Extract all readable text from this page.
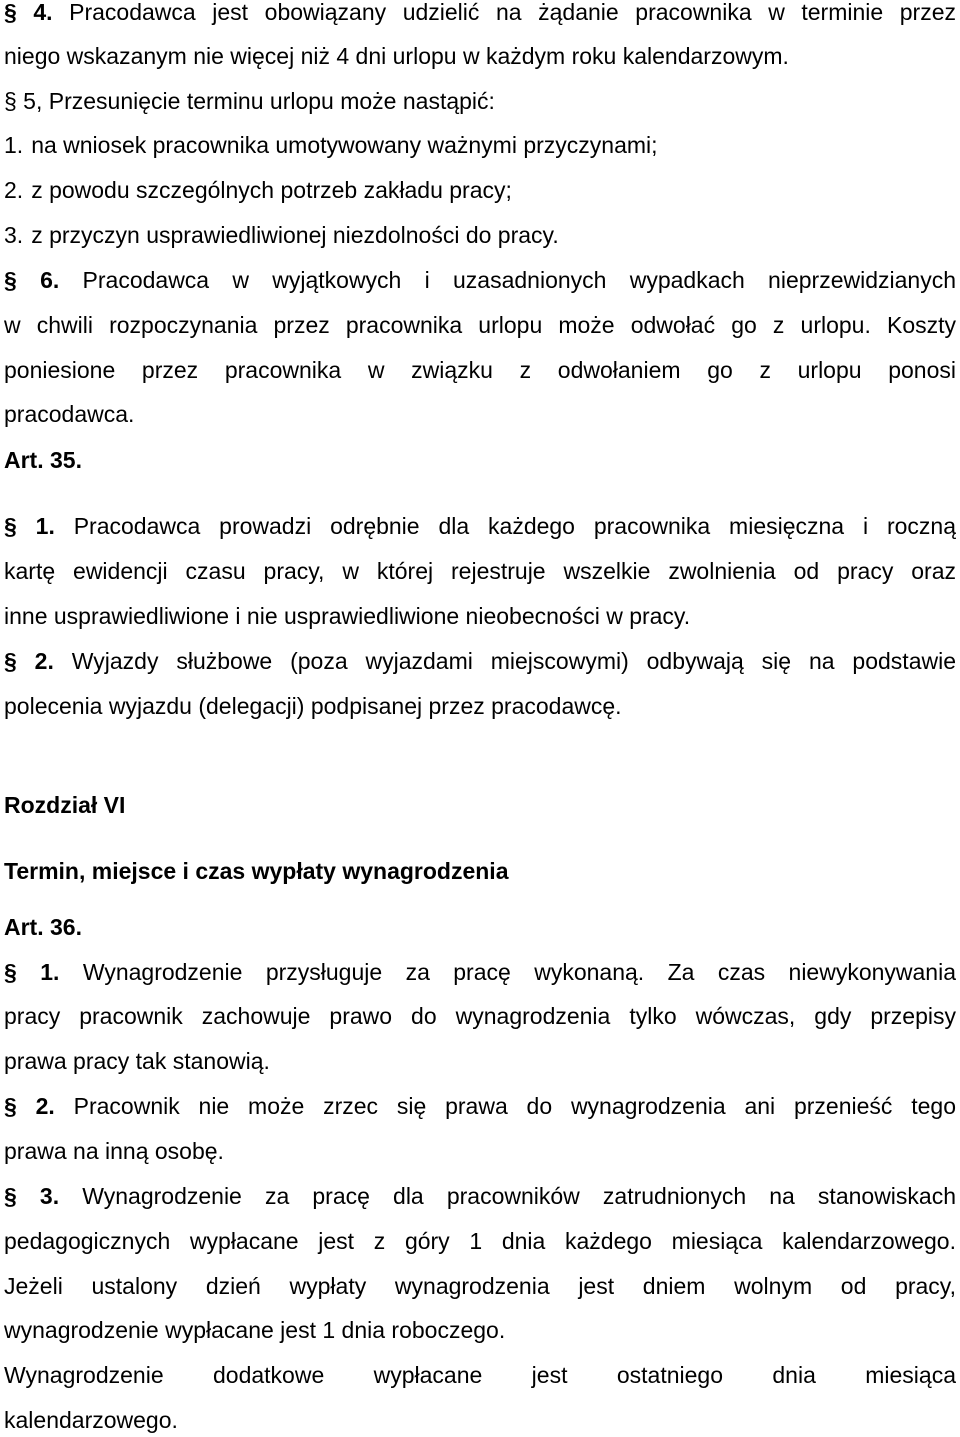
§ 4. Pracodawca jest obowiązany udzielić na żądanie pracownika w terminie przez
niego wskazanym nie więcej niż 4 dni urlopu w każdym roku kalendarzowym.
§ 5, Przesunięcie terminu urlopu może nastąpić:
1. na wniosek pracownika umotywowany ważnymi przyczynami;
2. z powodu szczególnych potrzeb zakładu pracy;
3. z przyczyn usprawiedliwionej niezdolności do pracy.
§ 6. Pracodawca w wyjątkowych i uzasadnionych wypadkach nieprzewidzianych
w chwili rozpoczynania przez pracownika urlopu może odwołać go z urlopu. Koszty
poniesione przez pracownika w związku z odwołaniem go z urlopu ponosi
pracodawca.
Art. 35.
§ 1. Pracodawca prowadzi odrębnie dla każdego pracownika miesięczna i roczną
kartę ewidencji czasu pracy, w której rejestruje wszelkie zwolnienia od pracy oraz
inne usprawiedliwione i nie usprawiedliwione nieobecności w pracy.
§ 2. Wyjazdy służbowe (poza wyjazdami miejscowymi) odbywają się na podstawie
polecenia wyjazdu (delegacji) podpisanej przez pracodawcę.
Rozdział VI
Termin, miejsce i czas wypłaty wynagrodzenia
Art. 36.
§ 1. Wynagrodzenie przysługuje za pracę wykonaną. Za czas niewykonywania
pracy pracownik zachowuje prawo do wynagrodzenia tylko wówczas, gdy przepisy
prawa pracy tak stanowią.
§ 2. Pracownik nie może zrzec się prawa do wynagrodzenia ani przenieść tego
prawa na inną osobę.
§ 3. Wynagrodzenie za pracę dla pracowników zatrudnionych na stanowiskach
pedagogicznych wypłacane jest z góry 1 dnia każdego miesiąca kalendarzowego.
Jeżeli ustalony dzień wypłaty wynagrodzenia jest dniem wolnym od pracy,
wynagrodzenie wypłacane jest 1 dnia roboczego.
Wynagrodzenie dodatkowe wypłacane jest ostatniego dnia miesiąca
kalendarzowego.
